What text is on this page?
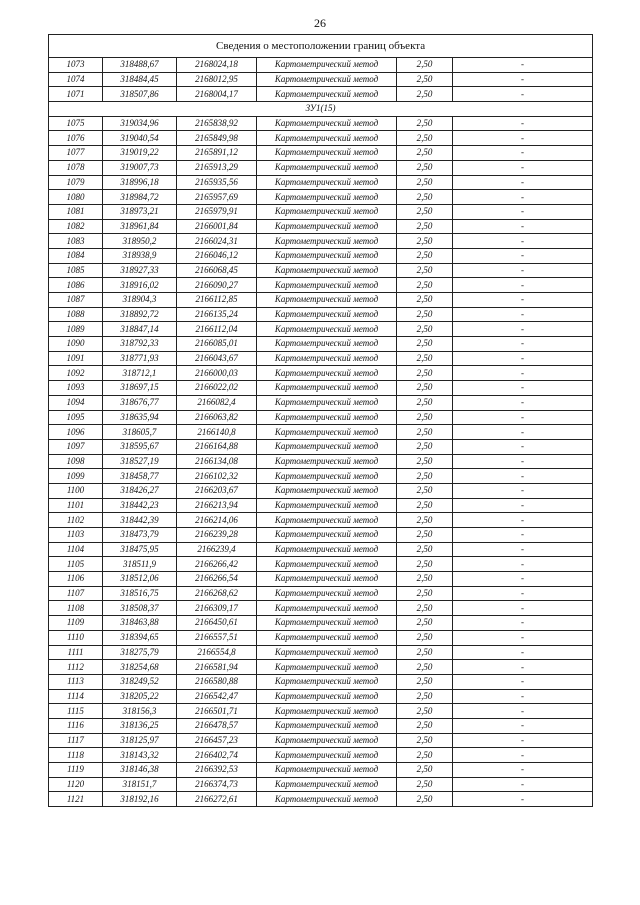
26
Сведения о местоположении границ объекта					
1073	318488,67	2168024,18	Картометрический метод	2,50	-
1074	318484,45	2168012,95	Картометрический метод	2,50	-
1071	318507,86	2168004,17	Картометрический метод	2,50	-
ЗУ1(15)					
1075	319034,96	2165838,92	Картометрический метод	2,50	-
1076	319040,54	2165849,98	Картометрический метод	2,50	-
1077	319019,22	2165891,12	Картометрический метод	2,50	-
1078	319007,73	2165913,29	Картометрический метод	2,50	-
1079	318996,18	2165935,56	Картометрический метод	2,50	-
1080	318984,72	2165957,69	Картометрический метод	2,50	-
1081	318973,21	2165979,91	Картометрический метод	2,50	-
1082	318961,84	2166001,84	Картометрический метод	2,50	-
1083	318950,2	2166024,31	Картометрический метод	2,50	-
1084	318938,9	2166046,12	Картометрический метод	2,50	-
1085	318927,33	2166068,45	Картометрический метод	2,50	-
1086	318916,02	2166090,27	Картометрический метод	2,50	-
1087	318904,3	2166112,85	Картометрический метод	2,50	-
1088	318892,72	2166135,24	Картометрический метод	2,50	-
1089	318847,14	2166112,04	Картометрический метод	2,50	-
1090	318792,33	2166085,01	Картометрический метод	2,50	-
1091	318771,93	2166043,67	Картометрический метод	2,50	-
1092	318712,1	2166000,03	Картометрический метод	2,50	-
1093	318697,15	2166022,02	Картометрический метод	2,50	-
1094	318676,77	2166082,4	Картометрический метод	2,50	-
1095	318635,94	2166063,82	Картометрический метод	2,50	-
1096	318605,7	2166140,8	Картометрический метод	2,50	-
1097	318595,67	2166164,88	Картометрический метод	2,50	-
1098	318527,19	2166134,08	Картометрический метод	2,50	-
1099	318458,77	2166102,32	Картометрический метод	2,50	-
1100	318426,27	2166203,67	Картометрический метод	2,50	-
1101	318442,23	2166213,94	Картометрический метод	2,50	-
1102	318442,39	2166214,06	Картометрический метод	2,50	-
1103	318473,79	2166239,28	Картометрический метод	2,50	-
1104	318475,95	2166239,4	Картометрический метод	2,50	-
1105	318511,9	2166266,42	Картометрический метод	2,50	-
1106	318512,06	2166266,54	Картометрический метод	2,50	-
1107	318516,75	2166268,62	Картометрический метод	2,50	-
1108	318508,37	2166309,17	Картометрический метод	2,50	-
1109	318463,88	2166450,61	Картометрический метод	2,50	-
1110	318394,65	2166557,51	Картометрический метод	2,50	-
1111	318275,79	2166554,8	Картометрический метод	2,50	-
1112	318254,68	2166581,94	Картометрический метод	2,50	-
1113	318249,52	2166580,88	Картометрический метод	2,50	-
1114	318205,22	2166542,47	Картометрический метод	2,50	-
1115	318156,3	2166501,71	Картометрический метод	2,50	-
1116	318136,25	2166478,57	Картометрический метод	2,50	-
1117	318125,97	2166457,23	Картометрический метод	2,50	-
1118	318143,32	2166402,74	Картометрический метод	2,50	-
1119	318146,38	2166392,53	Картометрический метод	2,50	-
1120	318151,7	2166374,73	Картометрический метод	2,50	-
1121	318192,16	2166272,61	Картометрический метод	2,50	-
